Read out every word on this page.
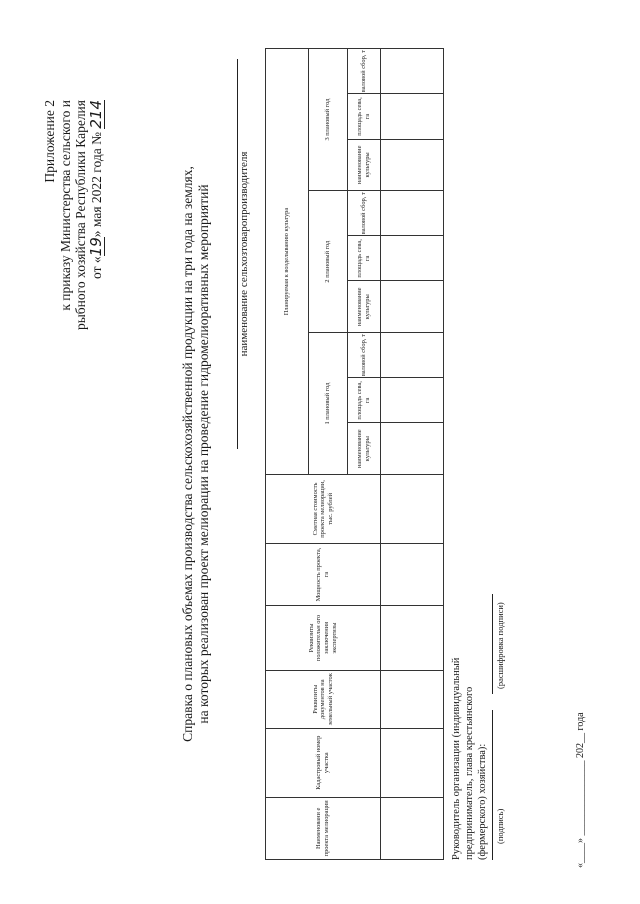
Приложение 2 к приказу Министерства сельского и рыбного хозяйства Республики Карелия от «19» мая 2022 года № 214
Справка о плановых объемах производства сельскохозяйственной продукции на три года на землях, на которых реализован проект мелиорации на проведение гидромелиоративных мероприятий наименование сельхозтоваропроизводителя
Наименовани е проекта мелиорации	Кадастровый номер участка	Реквизиты документов на земельный участок	Реквизиты положительн ого заключения экспертизы	Мощность проекта, га	Сметная стоимость проекта мелиорации, тыс. рублей	Планируемая к возделыванию культура								
						1 плановый год			2 плановый год			3 плановый год		
						наименование культуры	площадь сева, га	валовой сбор, т	наименование культуры	площадь сева, га	валовой сбор, т	наименование культуры	площадь сева, га	валовой сбор, т

Руководитель организации (индивидуальный предприниматель, глава крестьянского (фермерского) хозяйства): (подпись)
(расшифровка подписи)
«____» _______________ 202__ года
